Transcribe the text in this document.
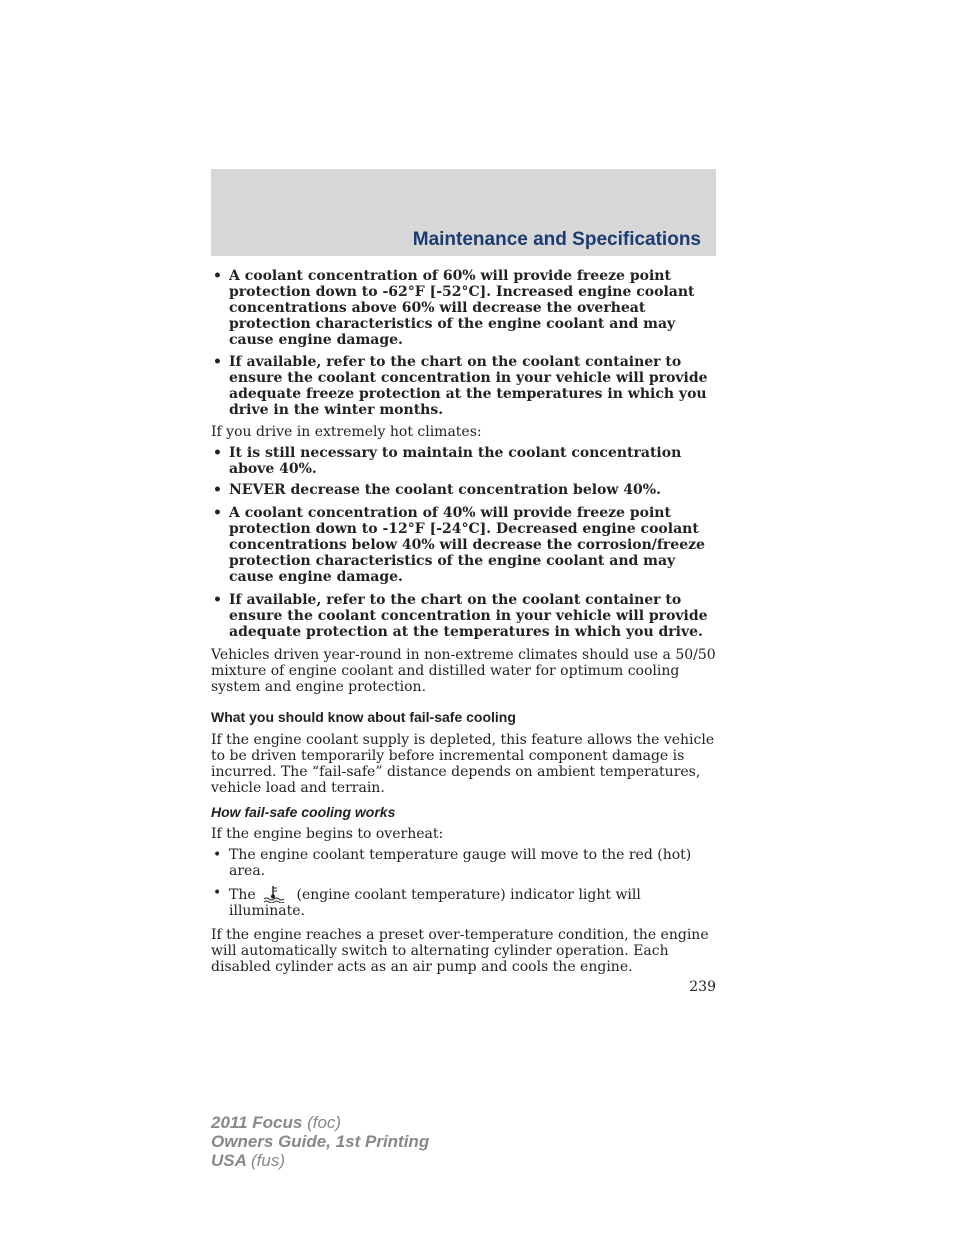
Maintenance and Specifications
• A coolant concentration of 60% will provide freeze point protection down to -62°F [-52°C]. Increased engine coolant concentrations above 60% will decrease the overheat protection characteristics of the engine coolant and may cause engine damage.
• If available, refer to the chart on the coolant container to ensure the coolant concentration in your vehicle will provide adequate freeze protection at the temperatures in which you drive in the winter months.

If you drive in extremely hot climates:

• It is still necessary to maintain the coolant concentration above 40%.
• NEVER decrease the coolant concentration below 40%.
• A coolant concentration of 40% will provide freeze point protection down to -12°F [-24°C]. Decreased engine coolant concentrations below 40% will decrease the corrosion/freeze protection characteristics of the engine coolant and may cause engine damage.
• If available, refer to the chart on the coolant container to ensure the coolant concentration in your vehicle will provide adequate protection at the temperatures in which you drive.

Vehicles driven year-round in non-extreme climates should use a 50/50 mixture of engine coolant and distilled water for optimum cooling system and engine protection.

What you should know about fail-safe cooling

If the engine coolant supply is depleted, this feature allows the vehicle to be driven temporarily before incremental component damage is incurred. The “fail-safe” distance depends on ambient temperatures, vehicle load and terrain.

How fail-safe cooling works

If the engine begins to overheat:

• The engine coolant temperature gauge will move to the red (hot) area.
• The	(engine coolant temperature) indicator light will illuminate.

If the engine reaches a preset over-temperature condition, the engine will automatically switch to alternating cylinder operation. Each disabled cylinder acts as an air pump and cools the engine.

239

2011 Focus (foc)
Owners Guide, 1st Printing
USA (fus)
